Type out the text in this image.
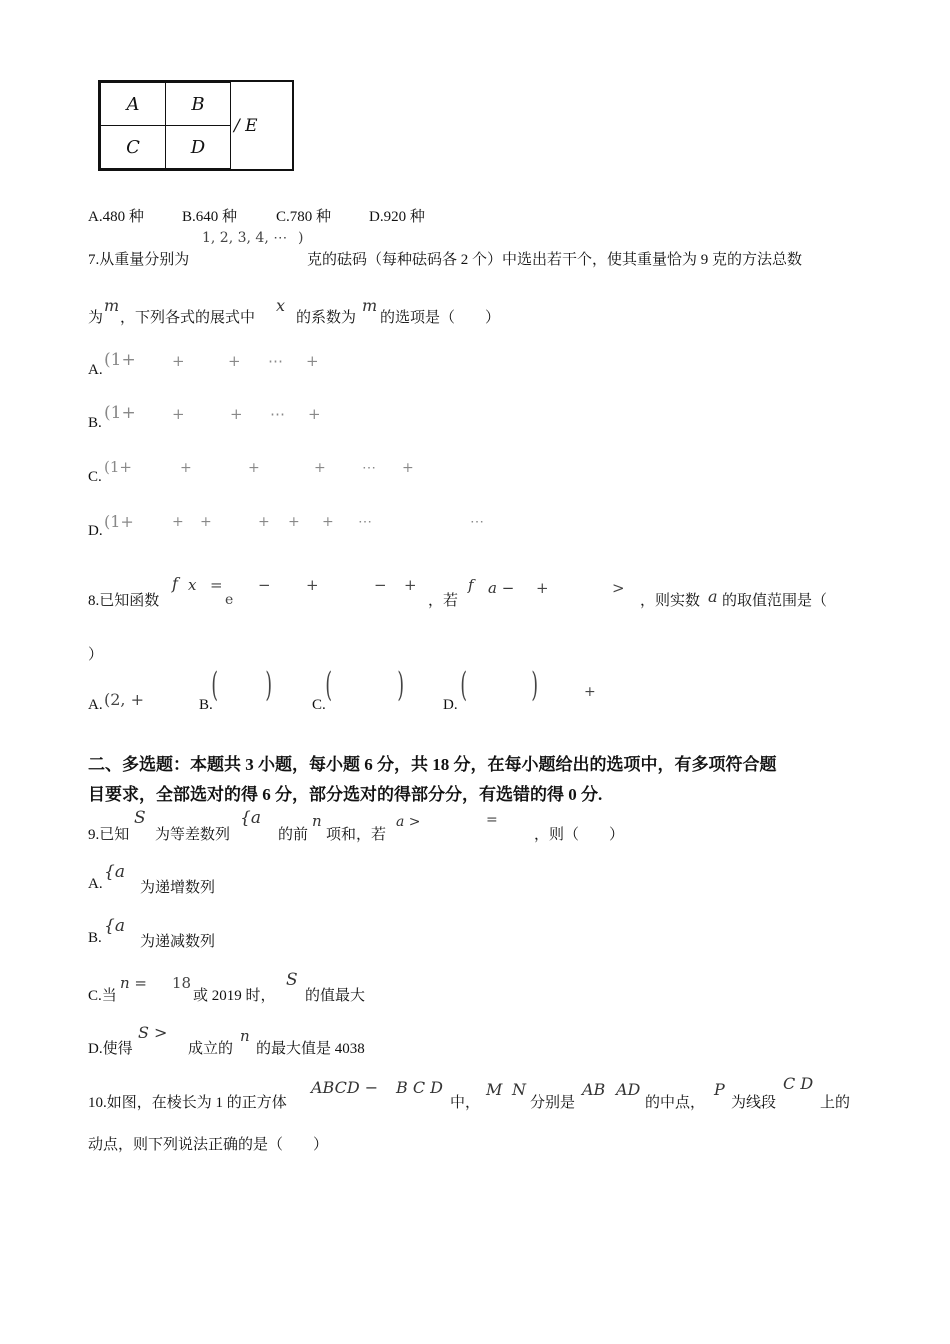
A	B
C	D
/ E
A.480 种	B.640 种	C.780 种	D.920 种
7.从重量分别为
1, 2, 3, 4, ⋯ )
克的砝码（每种砝码各 2 个）中选出若干个，使其重量恰为 9 克的方法总数
为
m
，下列各式的展式中
x
的系数为
m
的选项是（　　）
A. (1+ +	+ ⋯ +
B. (1+ +	+ ⋯ +
C.
(1+	+	+	+	⋯ +
D. (1+	+ +	+ + + ⋯	⋯
8.已知函数
f x =
e
− +	− +
，若
f a − +	>
，则实数 a 的取值范围是（
）
A. (2, +	B.
( )	C. ( )	D. ( )	+
二、多选题：本题共 3 小题，每小题 6 分，共 18 分，在每小题给出的选项中，有多项符合题
目要求，全部选对的得 6 分，部分选对的得部分分，有选错的得 0 分.
9.已知
S
为等差数列
{a
的前
n
项和，若
a >	=
，则（　　）
A.
{a
为递增数列
B.
{a
为递减数列
C.当
n = 18
或 2019 时，
S
的值最大
D.使得
S >
成立的
n
的最大值是 4038
10.如图，在棱长为 1 的正方体
ABCD − B C D
中，
M N
分别是
AB AD
的中点，
P
为线段
C D
上的
动点，则下列说法正确的是（　　）
